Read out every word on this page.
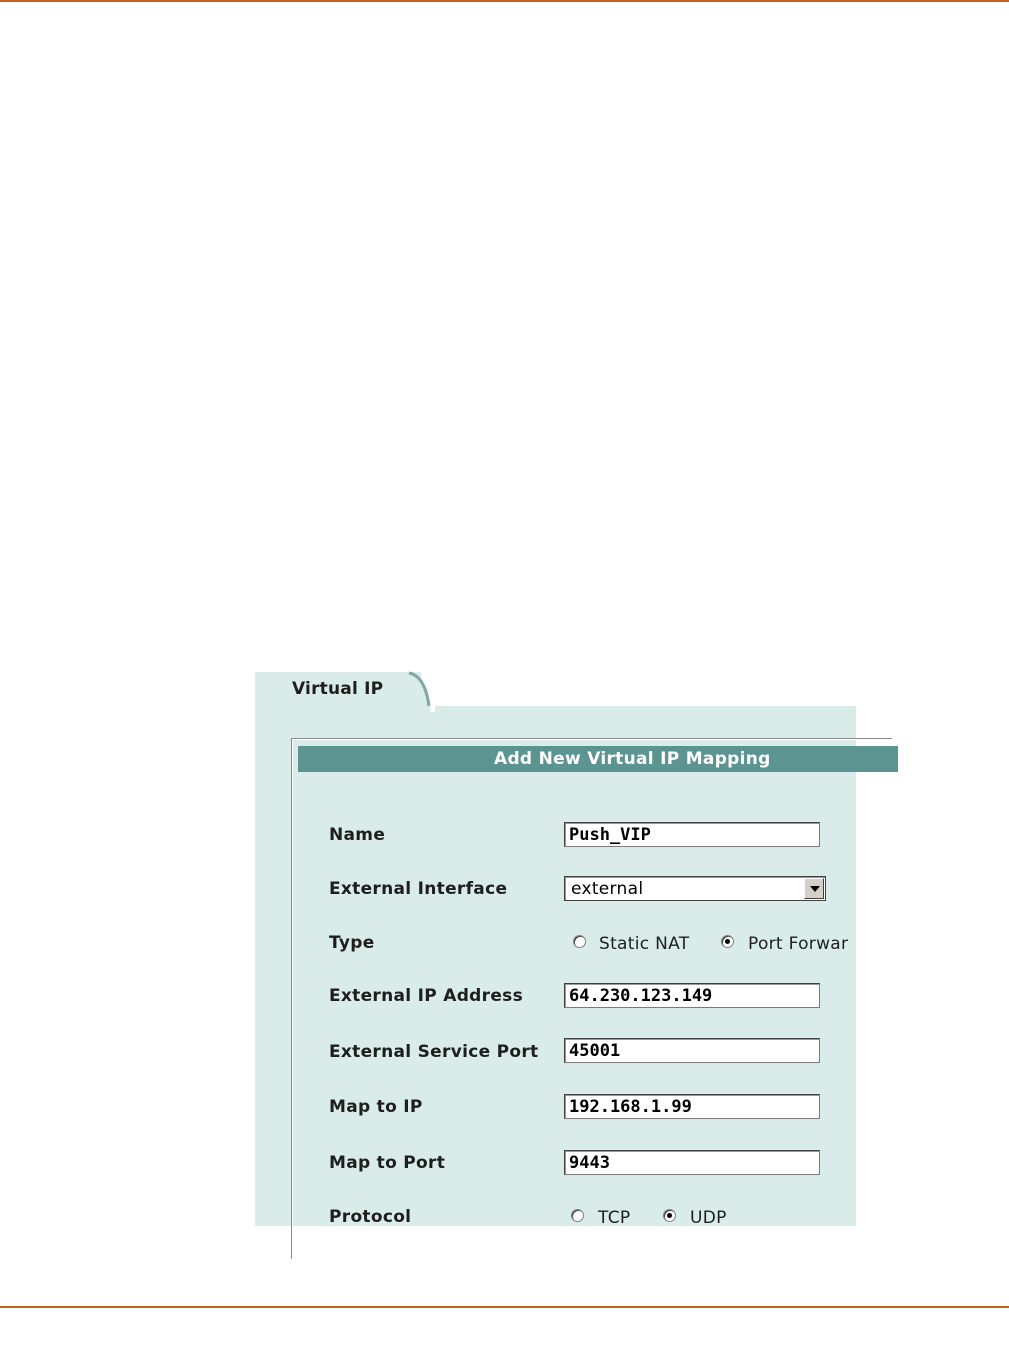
Virtual IP
Add New Virtual IP Mapping
Name	Push_VIP
External Interface	external
Type	Static NAT	Port Forwar
External IP Address	64.230.123.149
External Service Port 45001
Map to IP	192.168.1.99
Map to Port	9443
Protocol	TCP	UDP
